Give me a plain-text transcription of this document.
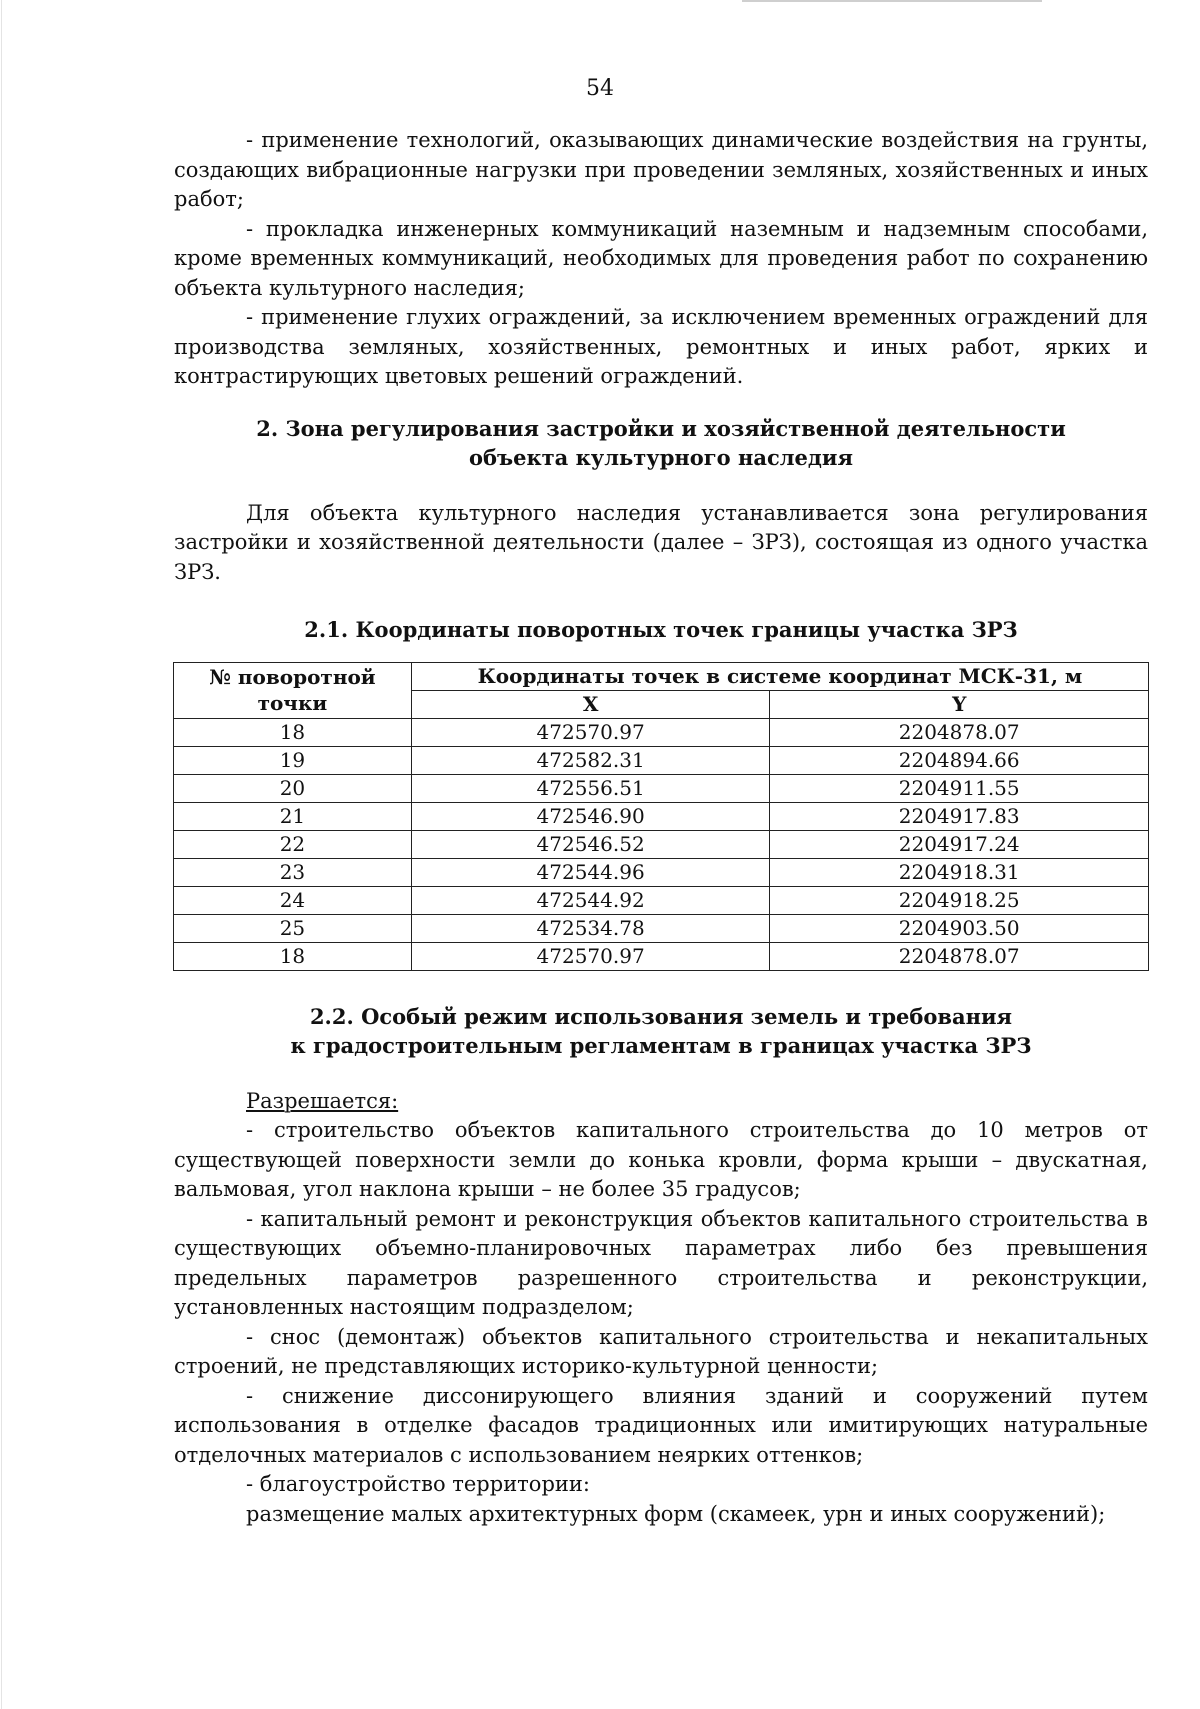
54

- применение технологий, оказывающих динамические воздействия на грунты, создающих вибрационные нагрузки при проведении земляных, хозяйственных и иных работ;

- прокладка инженерных коммуникаций наземным и надземным способами, кроме временных коммуникаций, необходимых для проведения работ по сохранению объекта культурного наследия;

- применение глухих ограждений, за исключением временных ограждений для производства земляных, хозяйственных, ремонтных и иных работ, ярких и контрастирующих цветовых решений ограждений.

2. Зона регулирования застройки и хозяйственной деятельности
объекта культурного наследия

Для объекта культурного наследия устанавливается зона регулирования застройки и хозяйственной деятельности (далее – ЗРЗ), состоящая из одного участка ЗРЗ.

2.1. Координаты поворотных точек границы участка ЗРЗ
№ поворотной точки	Координаты точек в системе координат МСК-31, м	
	X	Y
18	472570.97	2204878.07
19	472582.31	2204894.66
20	472556.51	2204911.55
21	472546.90	2204917.83
22	472546.52	2204917.24
23	472544.96	2204918.31
24	472544.92	2204918.25
25	472534.78	2204903.50
18	472570.97	2204878.07
2.2. Особый режим использования земель и требования
к градостроительным регламентам в границах участка ЗРЗ

Разрешается:

- строительство объектов капитального строительства до 10 метров от существующей поверхности земли до конька кровли, форма крыши – двускатная, вальмовая, угол наклона крыши – не более 35 градусов;

- капитальный ремонт и реконструкция объектов капитального строительства в существующих объемно-планировочных параметрах либо без превышения предельных параметров разрешенного строительства и реконструкции, установленных настоящим подразделом;

- снос (демонтаж) объектов капитального строительства и некапитальных строений, не представляющих историко-культурной ценности;

- снижение диссонирующего влияния зданий и сооружений путем использования в отделке фасадов традиционных или имитирующих натуральные отделочных материалов с использованием неярких оттенков;

- благоустройство территории:

размещение малых архитектурных форм (скамеек, урн и иных сооружений);
